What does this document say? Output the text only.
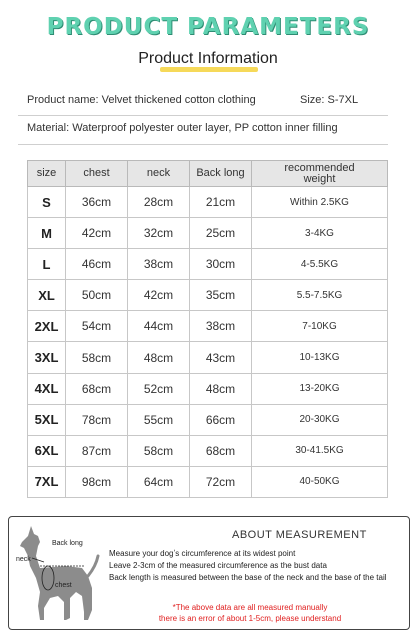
PRODUCT PARAMETERS
Product Information
Product name: Velvet thickened cotton clothing	Size: S-7XL
Material: Waterproof polyester outer layer, PP cotton inner filling
size	chest	neck	Back long	recommended weight
S	36cm	28cm	21cm	Within 2.5KG
M	42cm	32cm	25cm	3-4KG
L	46cm	38cm	30cm	4-5.5KG
XL	50cm	42cm	35cm	5.5-7.5KG
2XL	54cm	44cm	38cm	7-10KG
3XL	58cm	48cm	43cm	10-13KG
4XL	68cm	52cm	48cm	13-20KG
5XL	78cm	55cm	66cm	20-30KG
6XL	87cm	58cm	68cm	30-41.5KG
7XL	98cm	64cm	72cm	40-50KG
Back long
neck
chest
ABOUT MEASUREMENT
Measure your dogʼs circumference at its widest point
Leave 2-3cm of the measured circumference as the bust data
Back length is measured between the base of the neck and the base of the tail
*The above data are all measured manually
there is an error of about 1-5cm, please understand
